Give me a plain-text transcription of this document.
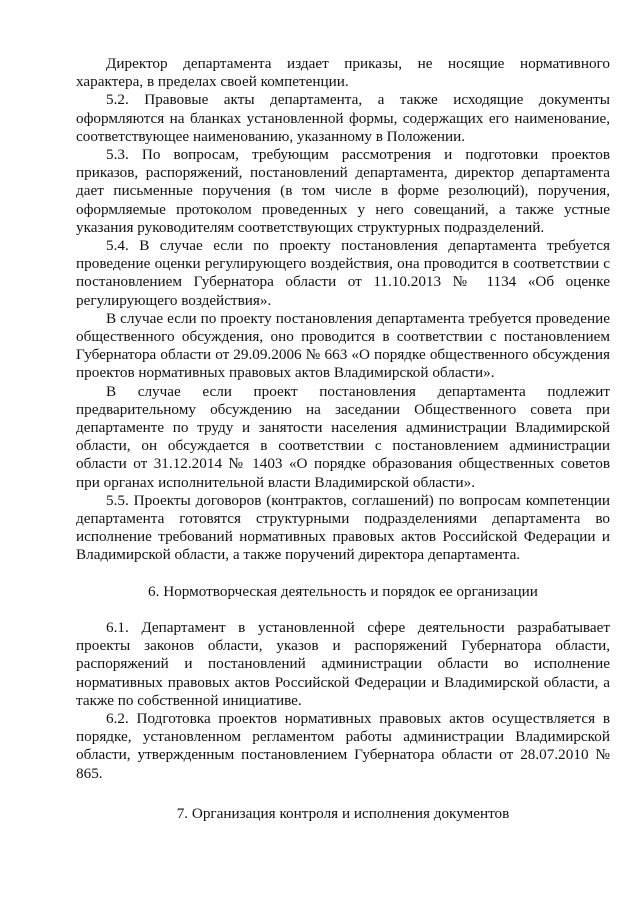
Директор департамента издает приказы, не носящие нормативного характера, в пределах своей компетенции.

5.2. Правовые акты департамента, а также исходящие документы оформляются на бланках установленной формы, содержащих его наименование, соответствующее наименованию, указанному в Положении.

5.3. По вопросам, требующим рассмотрения и подготовки проектов приказов, распоряжений, постановлений департамента, директор департамента дает письменные поручения (в том числе в форме резолюций), поручения, оформляемые протоколом проведенных у него совещаний, а также устные указания руководителям соответствующих структурных подразделений.

5.4. В случае если по проекту постановления департамента требуется проведение оценки регулирующего воздействия, она проводится в соответствии с постановлением Губернатора области от 11.10.2013 № 1134 «Об оценке регулирующего воздействия».

В случае если по проекту постановления департамента требуется проведение общественного обсуждения, оно проводится в соответствии с постановлением Губернатора области от 29.09.2006 № 663 «О порядке общественного обсуждения проектов нормативных правовых актов Владимирской области».

В случае если проект постановления департамента подлежит предварительному обсуждению на заседании Общественного совета при департаменте по труду и занятости населения администрации Владимирской области, он обсуждается в соответствии с постановлением администрации области от 31.12.2014 № 1403 «О порядке образования общественных советов при органах исполнительной власти Владимирской области».

5.5. Проекты договоров (контрактов, соглашений) по вопросам компетенции департамента готовятся структурными подразделениями департамента во исполнение требований нормативных правовых актов Российской Федерации и Владимирской области, а также поручений директора департамента.

6. Нормотворческая деятельность и порядок ее организации

6.1. Департамент в установленной сфере деятельности разрабатывает проекты законов области, указов и распоряжений Губернатора области, распоряжений и постановлений администрации области во исполнение нормативных правовых актов Российской Федерации и Владимирской области, а также по собственной инициативе.

6.2. Подготовка проектов нормативных правовых актов осуществляется в порядке, установленном регламентом работы администрации Владимирской области, утвержденным постановлением Губернатора области от 28.07.2010 № 865.

7. Организация контроля и исполнения документов
